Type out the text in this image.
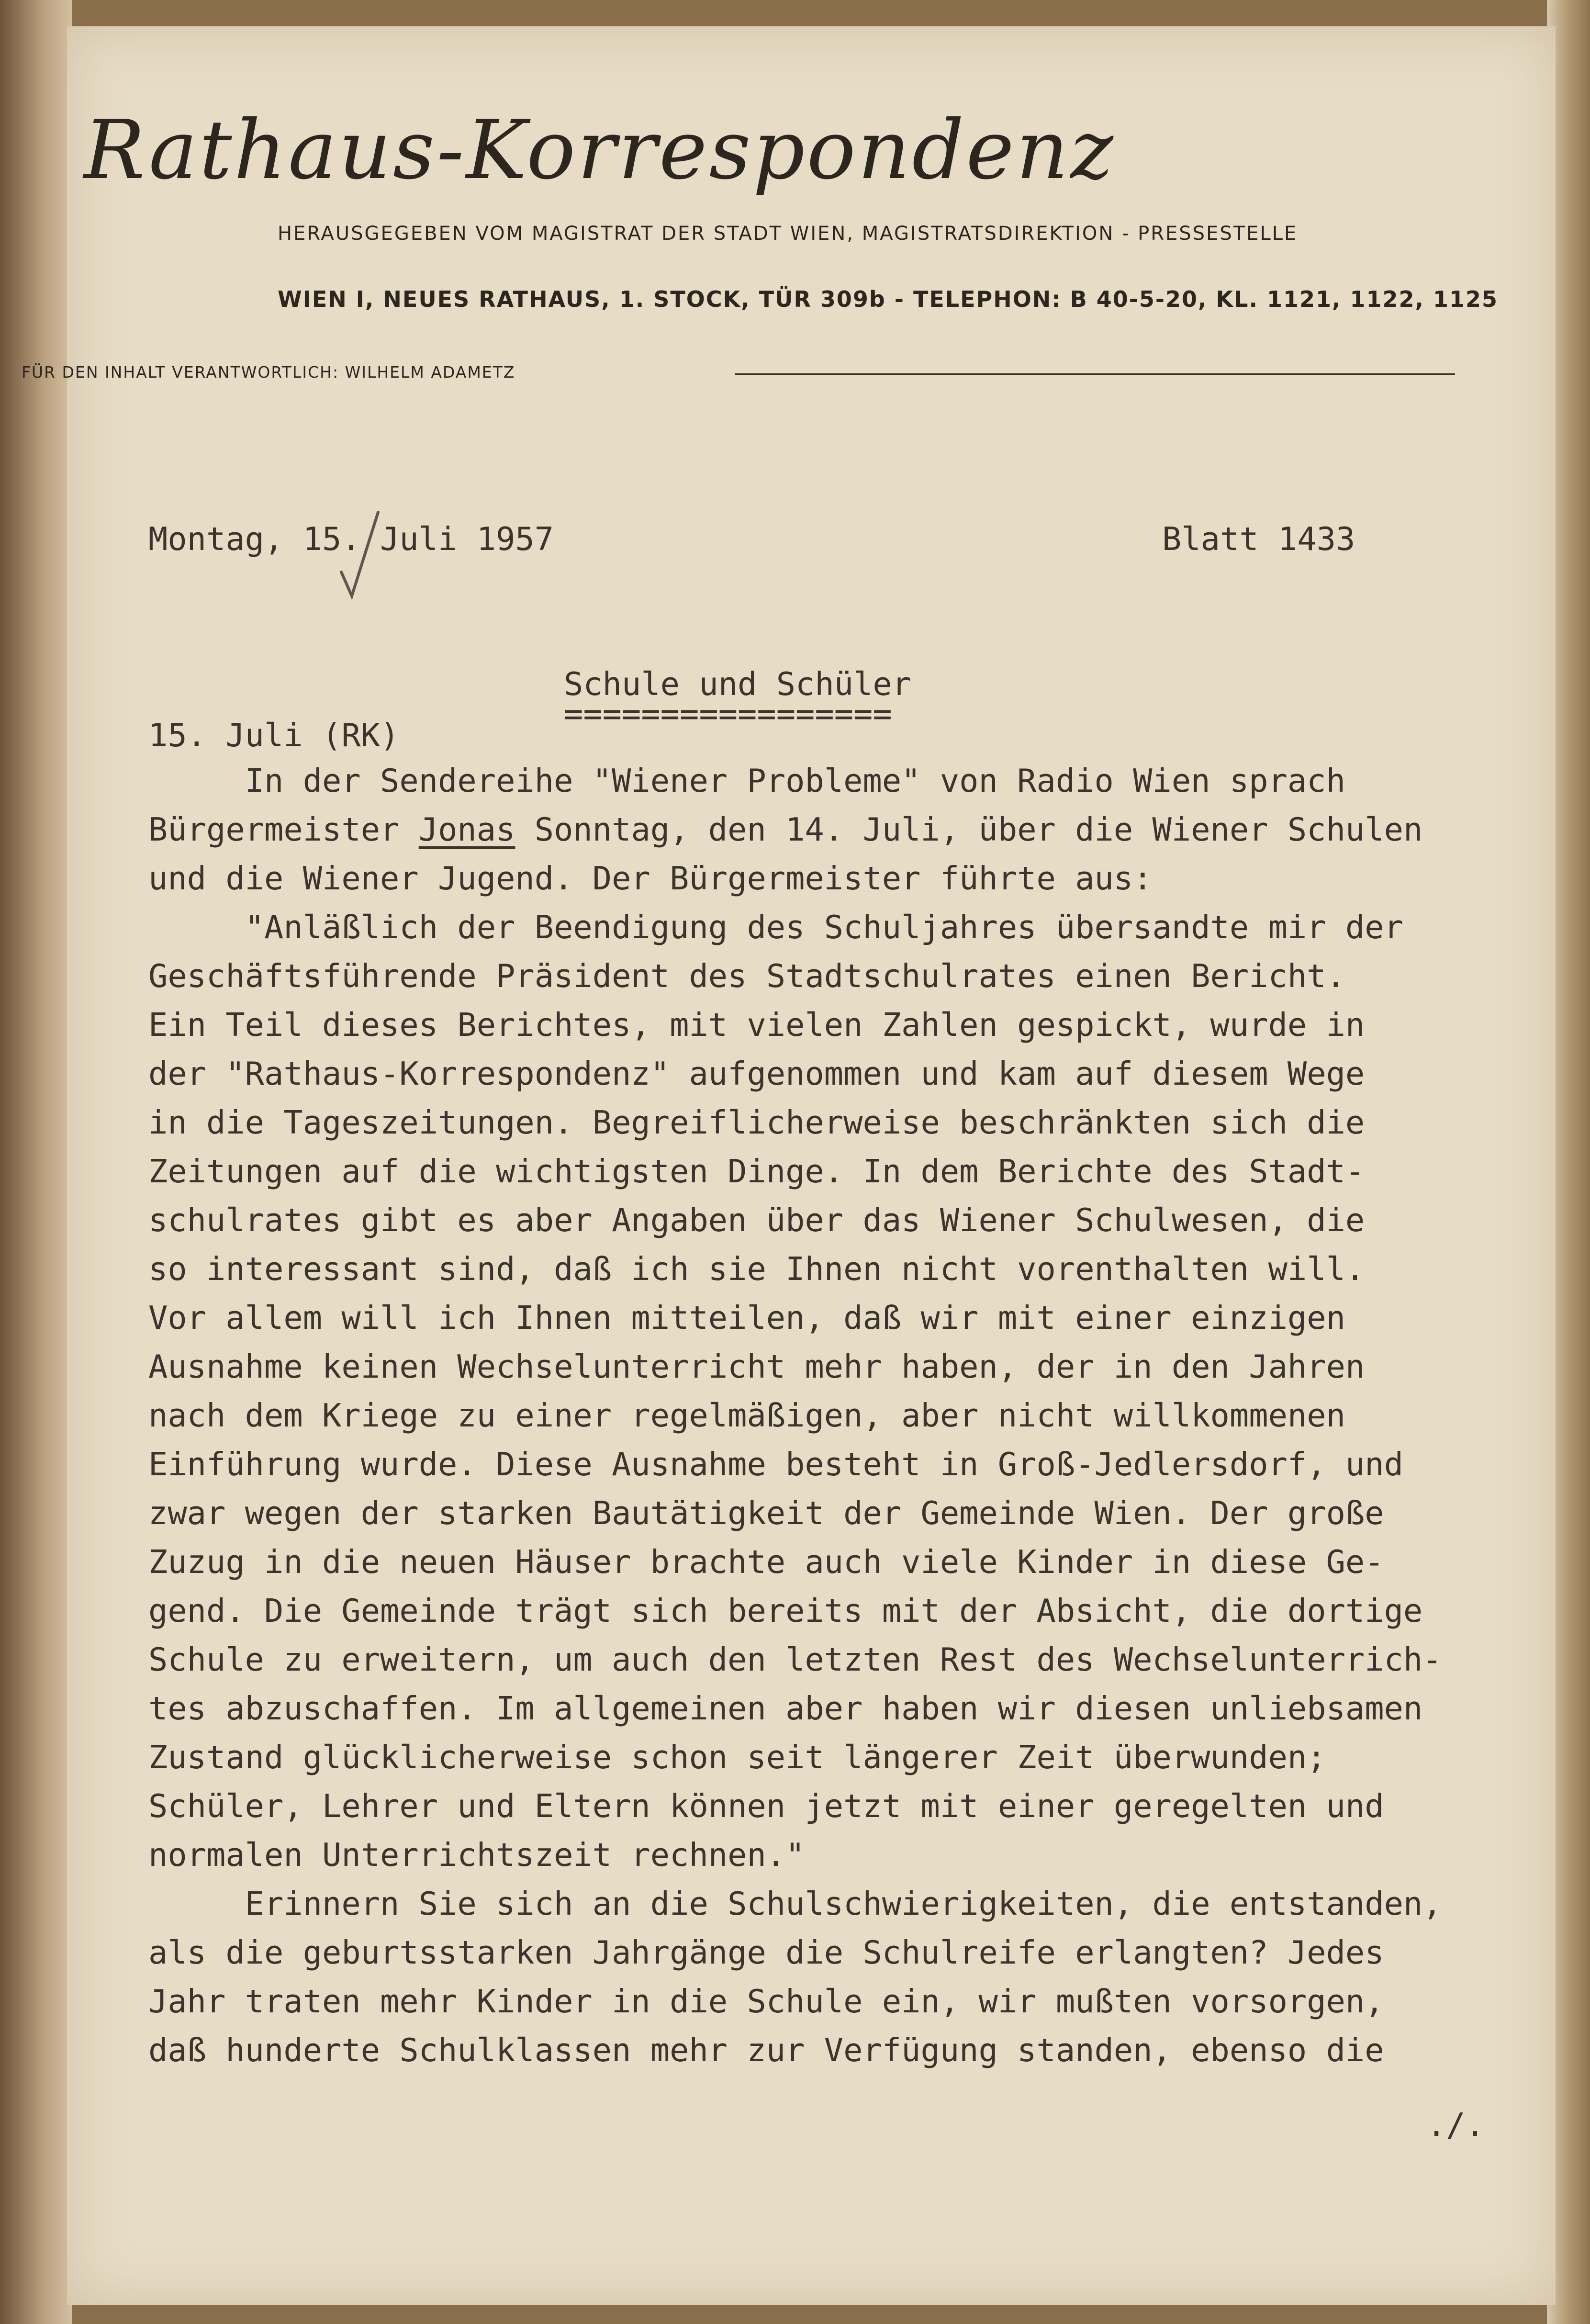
Rathaus-Korrespondenz
HERAUSGEGEBEN VOM MAGISTRAT DER STADT WIEN, MAGISTRATSDIREKTION - PRESSESTELLE
WIEN I, NEUES RATHAUS, 1. STOCK, TÜR 309b - TELEPHON: B 40-5-20, KL. 1121, 1122, 1125
FÜR DEN INHALT VERANTWORTLICH: WILHELM ADAMETZ
Montag, 15. Juli 1957	Blatt 1433
Schule und Schüler
=================
15. Juli (RK)
In der Sendereihe "Wiener Probleme" von Radio Wien sprach
Bürgermeister Jonas Sonntag, den 14. Juli, über die Wiener Schulen
und die Wiener Jugend. Der Bürgermeister führte aus:
"Anläßlich der Beendigung des Schuljahres übersandte mir der
Geschäftsführende Präsident des Stadtschulrates einen Bericht.
Ein Teil dieses Berichtes, mit vielen Zahlen gespickt, wurde in
der "Rathaus-Korrespondenz" aufgenommen und kam auf diesem Wege
in die Tageszeitungen. Begreiflicherweise beschränkten sich die
Zeitungen auf die wichtigsten Dinge. In dem Berichte des Stadt-
schulrates gibt es aber Angaben über das Wiener Schulwesen, die
so interessant sind, daß ich sie Ihnen nicht vorenthalten will.
Vor allem will ich Ihnen mitteilen, daß wir mit einer einzigen
Ausnahme keinen Wechselunterricht mehr haben, der in den Jahren
nach dem Kriege zu einer regelmäßigen, aber nicht willkommenen
Einführung wurde. Diese Ausnahme besteht in Groß-Jedlersdorf, und
zwar wegen der starken Bautätigkeit der Gemeinde Wien. Der große
Zuzug in die neuen Häuser brachte auch viele Kinder in diese Ge-
gend. Die Gemeinde trägt sich bereits mit der Absicht, die dortige
Schule zu erweitern, um auch den letzten Rest des Wechselunterrich-
tes abzuschaffen. Im allgemeinen aber haben wir diesen unliebsamen
Zustand glücklicherweise schon seit längerer Zeit überwunden;
Schüler, Lehrer und Eltern können jetzt mit einer geregelten und
normalen Unterrichtszeit rechnen."
Erinnern Sie sich an die Schulschwierigkeiten, die entstanden,
als die geburtsstarken Jahrgänge die Schulreife erlangten? Jedes
Jahr traten mehr Kinder in die Schule ein, wir mußten vorsorgen,
daß hunderte Schulklassen mehr zur Verfügung standen, ebenso die
./.
